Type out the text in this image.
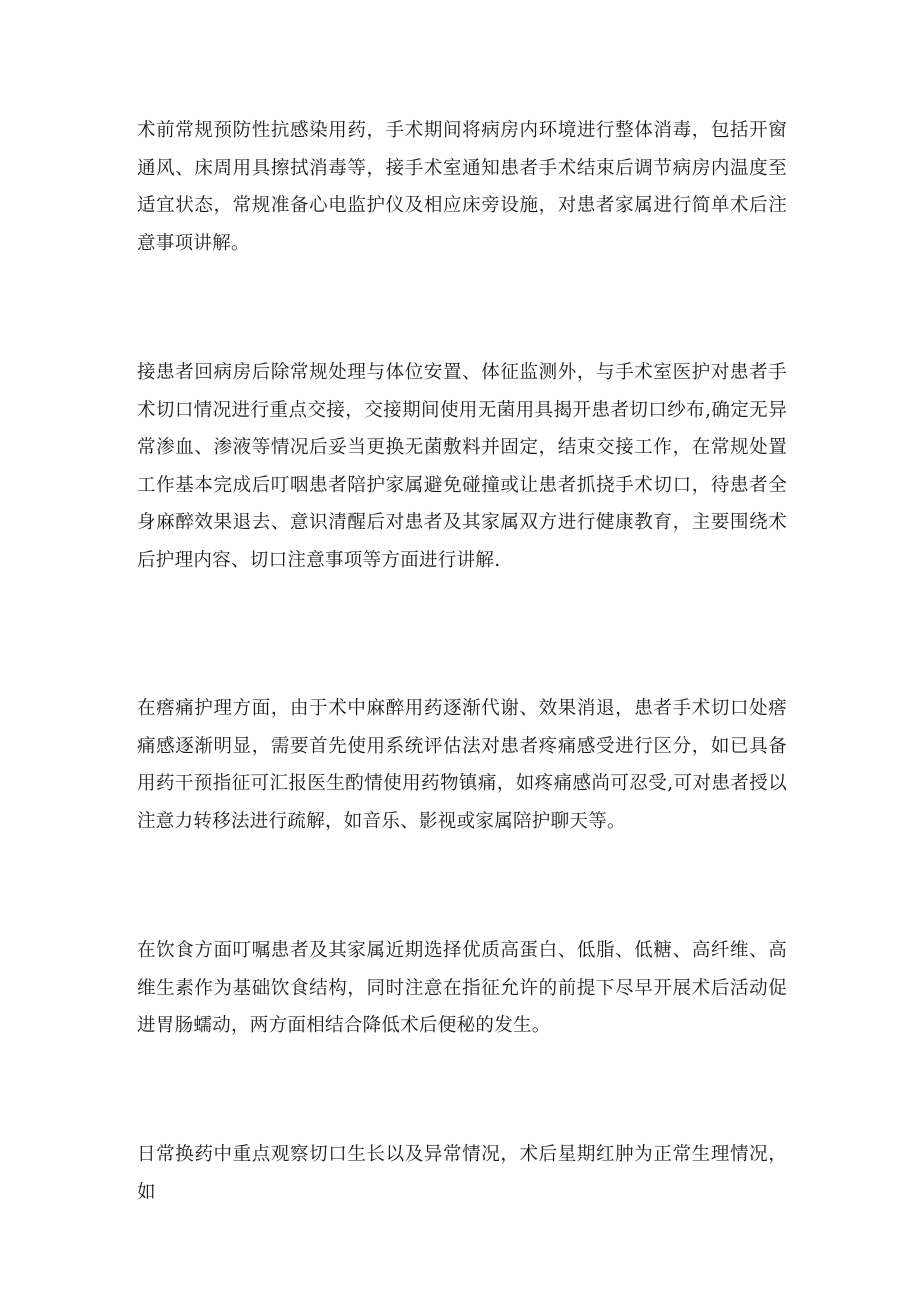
术前常规预防性抗感染用药，手术期间将病房内环境进行整体消毒，包括开窗通风、床周用具擦拭消毒等，接手术室通知患者手术结束后调节病房内温度至适宜状态，常规准备心电监护仪及相应床旁设施，对患者家属进行简单术后注意事项讲解。

接患者回病房后除常规处理与体位安置、体征监测外，与手术室医护对患者手术切口情况进行重点交接，交接期间使用无菌用具揭开患者切口纱布,确定无异常渗血、渗液等情况后妥当更换无菌敷料并固定，结束交接工作，在常规处置工作基本完成后叮咽患者陪护家属避免碰撞或让患者抓挠手术切口，待患者全身麻醉效果退去、意识清醒后对患者及其家属双方进行健康教育，主要围绕术后护理内容、切口注意事项等方面进行讲解.

在瘩痛护理方面，由于术中麻醉用药逐渐代谢、效果消退，患者手术切口处瘩痛感逐渐明显，需要首先使用系统评估法对患者疼痛感受进行区分，如已具备用药干预指征可汇报医生酌情使用药物镇痛，如疼痛感尚可忍受,可对患者授以注意力转移法进行疏解，如音乐、影视或家属陪护聊天等。

在饮食方面叮嘱患者及其家属近期选择优质高蛋白、低脂、低糖、高纤维、高维生素作为基础饮食结构，同时注意在指征允许的前提下尽早开展术后活动促进胃肠蠕动，两方面相结合降低术后便秘的发生。

日常换药中重点观察切口生长以及异常情况，术后星期红肿为正常生理情况，如
